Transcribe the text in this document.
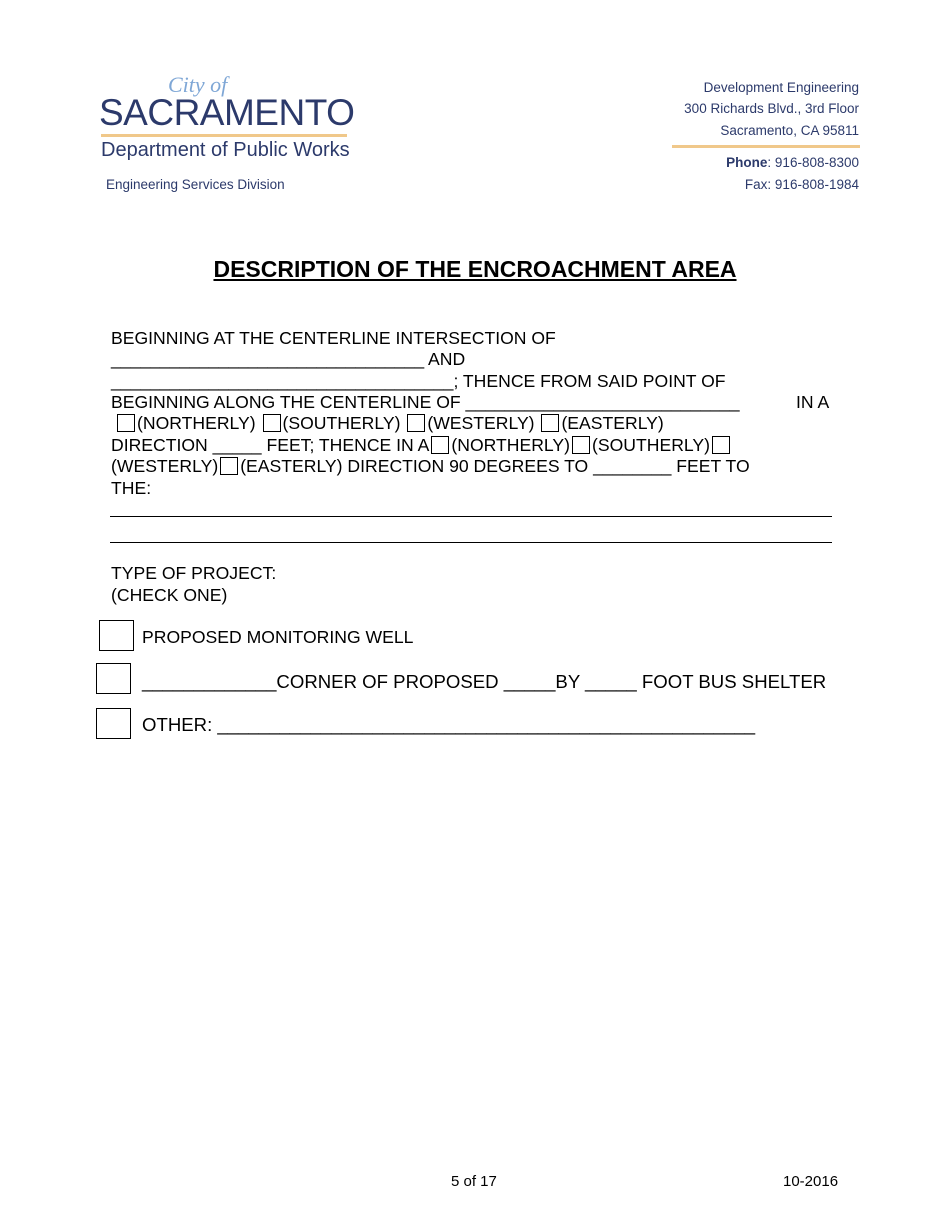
City of
SACRAMENTO
Department of Public Works
Engineering Services Division
Development Engineering
300 Richards Blvd., 3rd Floor
Sacramento, CA 95811
Phone: 916-808-8300
Fax: 916-808-1984
DESCRIPTION OF THE ENCROACHMENT AREA
BEGINNING AT THE CENTERLINE INTERSECTION OF
________________________________ AND
___________________________________; THENCE FROM SAID POINT OF
BEGINNING ALONG THE CENTERLINE OF ____________________________	IN A
(NORTHERLY) (SOUTHERLY) (WESTERLY) (EASTERLY)
DIRECTION _____ FEET; THENCE IN A (NORTHERLY) (SOUTHERLY)
(WESTERLY) (EASTERLY) DIRECTION 90 DEGREES TO ________ FEET TO
THE:
TYPE OF PROJECT:
(CHECK ONE)
PROPOSED MONITORING WELL
_____________CORNER OF PROPOSED _____BY _____ FOOT BUS SHELTER
OTHER: ____________________________________________________
5 of 17	10-2016
